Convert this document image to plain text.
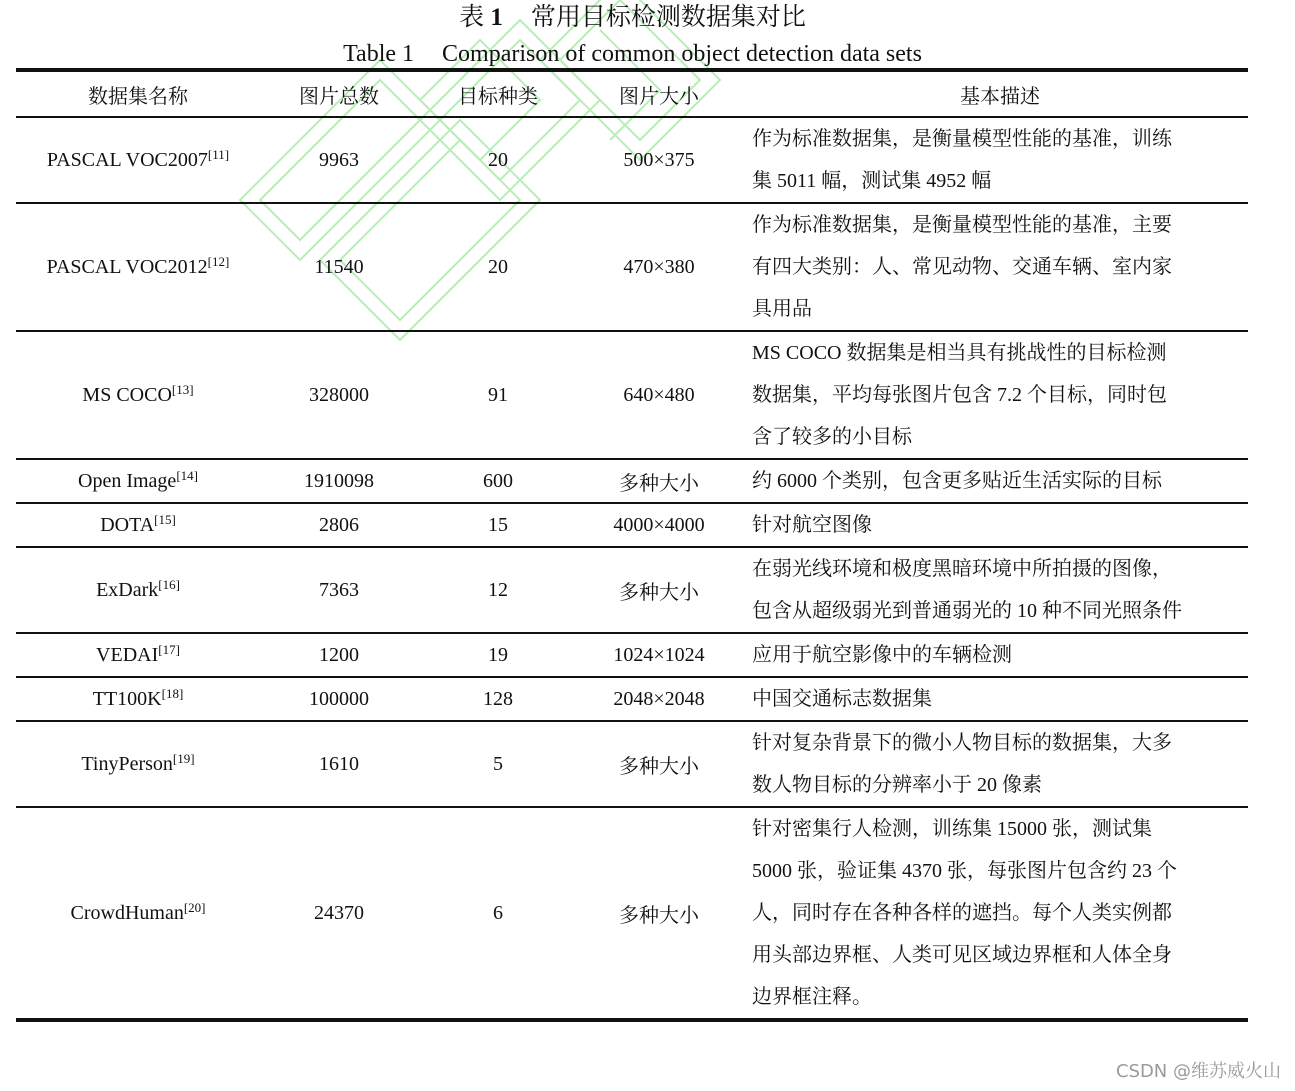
表 1 常用目标检测数据集对比
Table 1 Comparison of common object detection data sets
数据集名称	图片总数	目标种类	图片大小	基本描述
PASCAL VOC2007[11]	9963	20	500×375	作为标准数据集，是衡量模型性能的基准，训练
集 5011 幅，测试集 4952 幅

PASCAL VOC2012[12]	11540	20	470×380	作为标准数据集，是衡量模型性能的基准，主要
有四大类别：人、常见动物、交通车辆、室内家
具用品

MS COCO[13]	328000	91	640×480	MS COCO 数据集是相当具有挑战性的目标检测
数据集，平均每张图片包含 7.2 个目标，同时包
含了较多的小目标

Open Image[14]	1910098	600	多种大小	约 6000 个类别，包含更多贴近生活实际的目标

DOTA[15]	2806	15	4000×4000	针对航空图像

ExDark[16]	7363	12	多种大小	在弱光线环境和极度黑暗环境中所拍摄的图像，
包含从超级弱光到普通弱光的 10 种不同光照条件

VEDAI[17]	1200	19	1024×1024	应用于航空影像中的车辆检测

TT100K[18]	100000	128	2048×2048	中国交通标志数据集

TinyPerson[19]	1610	5	多种大小	针对复杂背景下的微小人物目标的数据集，大多
数人物目标的分辨率小于 20 像素

CrowdHuman[20]	24370	6	多种大小	针对密集行人检测，训练集 15000 张，测试集
5000 张，验证集 4370 张，每张图片包含约 23 个
人，同时存在各种各样的遮挡。每个人类实例都
用头部边界框、人类可见区域边界框和人体全身
边界框注释。
CSDN @维苏威火山
